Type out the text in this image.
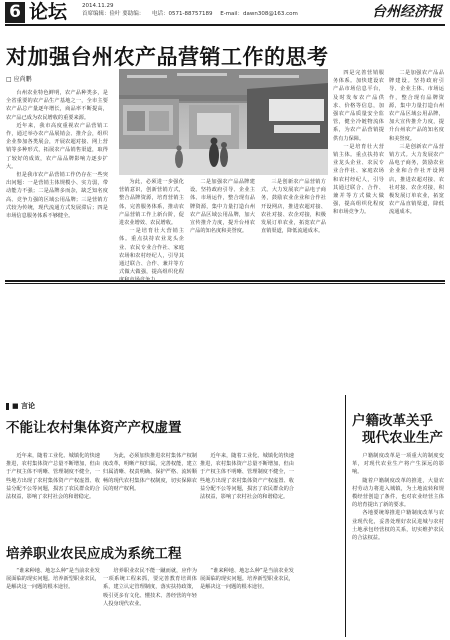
6 论坛	2014.11.29
首席编辑：俭叶 要助编： 电话：0571-88757189 E-mail：dawn308@163.com	台州经济报
对加强台州农产品营销工作的思考
□ 应尚鹏

台州农业特色鲜明，农产品种类多，是全省重要的农产品生产基地之一，全市主要农产品总产量逐年增长，商品率不断提高，农产品已成为农民增收的重要来源。

近年来，我市高度重视农产品营销工作，通过举办农产品展销会、推介会，组织企业参加各类展会，开展农超对接、网上营销等多种形式，拓展农产品销售渠道，取得了较好的成效，农产品品牌影响力逐步扩大。

但是我市农产品营销工作仍存在一些突出问题：一是营销主体规模小、实力弱，带动能力不强；二是品牌多而杂，缺乏知名度高、竞争力强的区域公用品牌；三是营销方式较为传统，现代流通方式发展滞后；四是市场信息服务体系不够健全。

为此，必须进一步强化营销意识，创新营销方式，整合品牌资源，培育营销主体，完善服务体系，推动农产品营销工作上新台阶，促进农业增效、农民增收。

一是培育壮大营销主体。重点扶持农业龙头企业、农民专业合作社、家庭农场和农村经纪人，引导其通过联合、合作、兼并等方式做大做强，提高组织化程

二是加强农产品品牌建设。坚持政府引导、企业主体、市场运作，整合现有品牌资源，集中力量打造台州农产品区域公用品牌，加大宣传推介力度，提升台州农产品的知名度和美誉度。

三是创新农产品营销方式。大力发展农产品电子商务，鼓励农业企业和合作社开设网店，推进农超对接、农社对接、农企对接，积极发展订单农业，拓宽农产品直销渠道，降低流通成本。

四是完善营销服务体系。加快建设农产品市场信息平台，及时发布农产品供求、价格等信息，加强农产品质量安全监管，健全冷链物流体系，为农产品营销提供有力保障。

一是培育壮大营销主体。重点扶持农业龙头企业、农民专业合作社、家庭农场和农村经纪人，引导其通过联合、合作、兼并等方式做大做强，提高组织化程度和市场竞争力。

二是加强农产品品牌建设。坚持政府引导、企业主体、市场运作，整合现有品牌资源，集中力量打造台州农产品区域公用品牌，加大宣传推介力度，提升台州农产品的知名度和美誉度。

三是创新农产品营销方式。大力发展农产品电子商务，鼓励农业企业和合作社开设网店，推进农超对接、农社对接、农企对接，积极发展订单农业，拓宽农产品直销渠道，降低流通成本。

■ 言论
不能让农村集体资产产权虚置

近年来，随着工业化、城镇化的快速推进，农村集体资产总量不断增加，但由于产权主体不明晰、管理制度不健全，一些地方出现了农村集体资产产权虚置、收益分配不公等问题，损害了农民群众的合法权益，影响了农村社会的和谐稳定。

为此，必须加快推进农村集体产权制度改革，明晰产权归属，完善权能，建立归属清晰、权责明确、保护严格、流转顺畅的现代农村集体产权制度，切实保障农民的财产权利。

近年来，随着工业化、城镇化的快速推进，农村集体资产总量不断增加，但由于产权主体不明晰、管理制度不健全，一些地方出现了农村集体资产产权虚置、收益分配不公等问题，损害了农民群众的合法权益，影响了农村社会的和谐稳定。

培养职业农民应成为系统工程

“谁来种地、地怎么种”是当前农业发展面临的现实问题。培养新型职业农民，是解决这一问题的根本途径。

培养职业农民不能一蹴而就，应作为一项系统工程来抓，要完善教育培训体系，建立认定管理制度，落实扶持政策，吸引更多有文化、懂技术、善经营的年轻人投身现代农业。

“谁来种地、地怎么种”是当前农业发展面临的现实问题。培养新型职业农民，是解决这一问题的根本途径。

户籍改革关乎
现代农业生产

户籍制度改革是一项重大的制度变革，对现代农业生产将产生深远的影响。

随着户籍制度改革的推进，大量农村劳动力将进入城镇，为土地流转和规模经营创造了条件，也对农业经营主体的培育提出了新的要求。

各地要统筹推进户籍制度改革与农业现代化，妥善处理好农民进城与农村土地承包经营权的关系，切实维护农民的合法权益。
